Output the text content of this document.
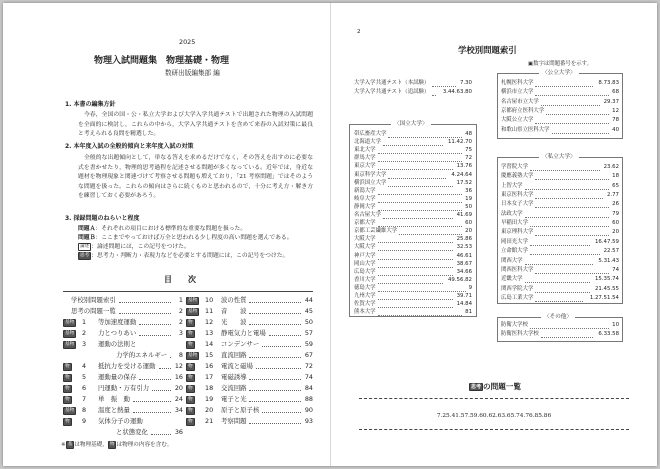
2025
物理入試問題集　物理基礎・物理
数研出版編集部 編
1. 本書の編集方針
今春，全国の国・公・私立大学および大学入学共通テストで出題された物理の入試問題を全面的に検討し，これらの中から，大学入学共通テストを含めて来春の入試対策に最良と考えられる良問を精選した。
2. 本年度入試の全般的傾向と来年度入試の対策
全般的な出題傾向として，単なる答えを求めるだけでなく，その答えを出すのに必要な式を書かせたり，物理的思考過程を記述させる問題が多くなっている。近年では，身近な題材を物理現象と関連づけて考察させる問題も増えており，「21 考察問題」ではそのような問題を扱った。これらの傾向はさらに続くものと思われるので，十分に考え方・解き方を練習しておく必要があろう。
3. 採録問題のねらいと程度
問題Ａ：それぞれの項目における標準的な重要な問題を扱った。
問題Ｂ：ここまでやっておけば万全と思われる少し程度の高い問題を選んである。
論述 ：論述問題には，この記号をつけた。
思考 ：思考力・判断力・表現力などを必要とする問題には，この記号をつけた。
目　　次
学校別問題索引	1
思考の問題一覧	2
基物	1 等加速度運動	2
基物	2 力とつりあい	3
基物	3 運動の法則と
力学的エネルギー 8
物	4 抵抗力を受ける運動	12
物	5 運動量の保存	16
物	6 円運動・万有引力	20
物	7 単　振　動	24
基物	8 温度と熱量	34
物	9 気体分子の運動
と状態変化	36
基物	10 波の性質	44
基物	11 音　　波	45
物	12 光　　波	50
物	13 静電気力と電場	57
物	14 コンデンサー	59
基物	15 直流回路	67
物	16 電流と磁場	72
物	17 電磁誘導	74
物	18 交流回路	84
物	19 電子と光	88
物	20 原子と原子核	90
物	21 考察問題	93
※ 基 は物理基礎， 物 は物理の内容を含む。
2
学校別問題索引
▣数字は問題番号を示す。
大学入学共通テスト（本試験）	7.30
大学入学共通テスト（追試験）	3.44.63.80
〈国立大学〉
帯広畜産大学	48
北海道大学	11.42.70
東北大学	75
群馬大学	72
東京大学	13.76
東京科学大学	4.24.64
横浜国立大学	17.52
新潟大学	36
岐阜大学	19
静岡大学	50
名古屋大学	41.69
京都大学	60
京都工芸繊維大学	20
大阪大学	25.86
大阪大学	32.53
神戸大学	46.61
岡山大学	38.67
広島大学	34.66
香川大学	49.56.82
徳島大学	9
九州大学	39.71
佐賀大学	14.84
熊本大学	81
〈公立大学〉
札幌医科大学	8.73.83
横浜市立大学	68
名古屋市立大学	29.37
京都府立医科大学	12
大阪公立大学	78
和歌山県立医科大学	40
〈私立大学〉
学習院大学	23.62
慶應義塾大学	18
上智大学	65
東京医科大学	2.77
日本女子大学	26
法政大学	79
早稲田大学	60
東京理科大学	20
岡田光大学	16.47.59
立命館大学	22.57
関西大学	5.31.43
関西医科大学	74
近畿大学	15.35.74
関西学院大学	21.45.55
広島工業大学	1.27.51.54
〈その他〉
防衛大学校	10
防衛医科大学校	6.33.58
思考 の問題一覧
7.25.41.57.59.60.62.63.65.74.76.85.86
